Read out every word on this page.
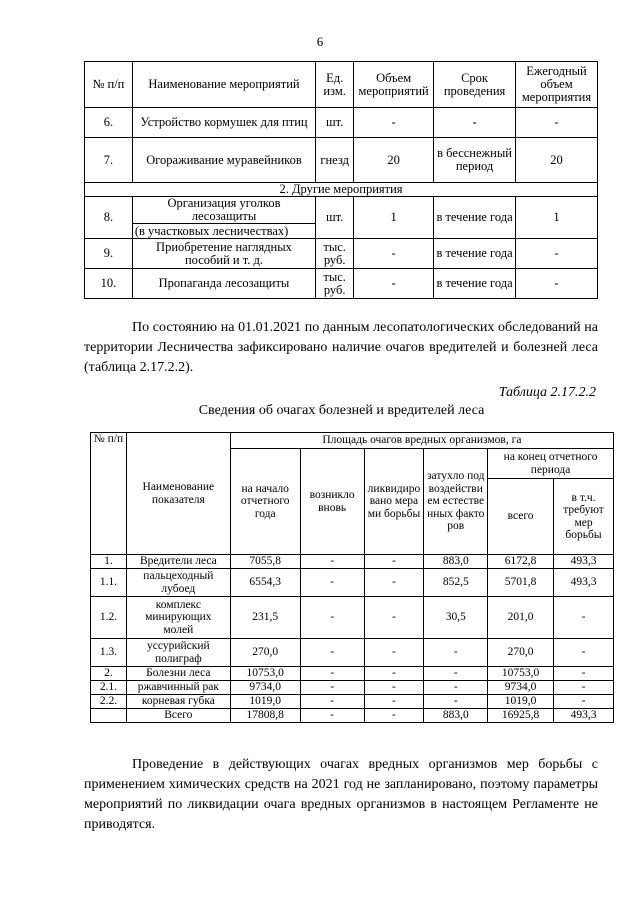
6
№ п/п	Наименование мероприятий	Ед. изм.	Объем мероприятий	Срок проведения	Ежегодный объем мероприятия
6.	Устройство кормушек для птиц	шт.	-	-	-
7.	Огораживание муравейников	гнезд	20	в бесснежный период	20
2. Другие мероприятия					
8.	Организация уголков лесозащиты	шт.	1	в течение года	1
	(в участковых лесничествах)				
9.	Приобретение наглядных пособий и т. д.	тыс. руб.	-	в течение года	-
10.	Пропаганда лесозащиты	тыс. руб.	-	в течение года	-
По состоянию на 01.01.2021 по данным лесопатологических обследований на территории Лесничества зафиксировано наличие очагов вредителей и болезней леса (таблица 2.17.2.2).
Таблица 2.17.2.2
Сведения об очагах болезней и вредителей леса
№ п/п	Наименование показателя	Площадь очагов вредных организмов, га					
		на начало отчетного года	возникло вновь	ликвидировано мерами борьбы	затухло под воздействием естественных факторов	на конец отчетного периода	
						всего	в т.ч. требуют мер борьбы
1.	Вредители леса	7055,8	-	-	883,0	6172,8	493,3
1.1.	пальцеходный лубоед	6554,3	-	-	852,5	5701,8	493,3
1.2.	комплекс минирующих молей	231,5	-	-	30,5	201,0	-
1.3.	уссурийский полиграф	270,0	-	-	-	270,0	-
2.	Болезни леса	10753,0	-	-	-	10753,0	-
2.1.	ржавчинный рак	9734,0	-	-	-	9734,0	-
2.2.	корневая губка	1019,0	-	-	-	1019,0	-
	Всего	17808,8	-	-	883,0	16925,8	493,3
Проведение в действующих очагах вредных организмов мер борьбы с применением химических средств на 2021 год не запланировано, поэтому параметры мероприятий по ликвидации очага вредных организмов в настоящем Регламенте не приводятся.
